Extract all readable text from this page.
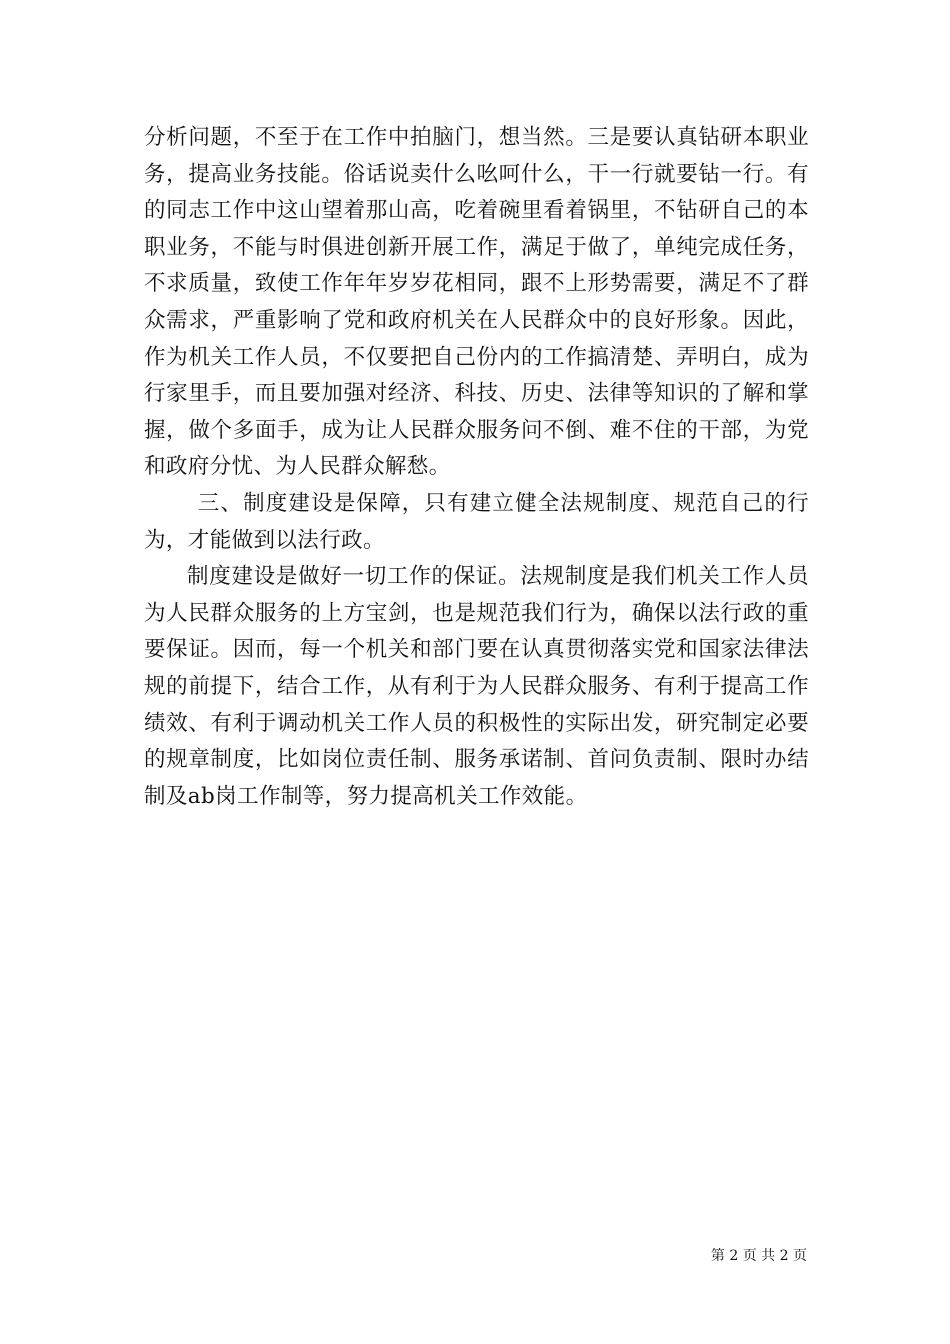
分析问题，不至于在工作中拍脑门，想当然。三是要认真钻研本职业务，提高业务技能。俗话说卖什么吆呵什么，干一行就要钻一行。有的同志工作中这山望着那山高，吃着碗里看着锅里，不钻研自己的本职业务，不能与时俱进创新开展工作，满足于做了，单纯完成任务，不求质量，致使工作年年岁岁花相同，跟不上形势需要，满足不了群众需求，严重影响了党和政府机关在人民群众中的良好形象。因此，作为机关工作人员，不仅要把自己份内的工作搞清楚、弄明白，成为行家里手，而且要加强对经济、科技、历史、法律等知识的了解和掌握，做个多面手，成为让人民群众服务问不倒、难不住的干部，为党和政府分忧、为人民群众解愁。

三、制度建设是保障，只有建立健全法规制度、规范自己的行为，才能做到以法行政。

制度建设是做好一切工作的保证。法规制度是我们机关工作人员为人民群众服务的上方宝剑，也是规范我们行为，确保以法行政的重要保证。因而，每一个机关和部门要在认真贯彻落实党和国家法律法规的前提下，结合工作，从有利于为人民群众服务、有利于提高工作绩效、有利于调动机关工作人员的积极性的实际出发，研究制定必要的规章制度，比如岗位责任制、服务承诺制、首问负责制、限时办结制及ab岗工作制等，努力提高机关工作效能。

第 2 页 共 2 页
